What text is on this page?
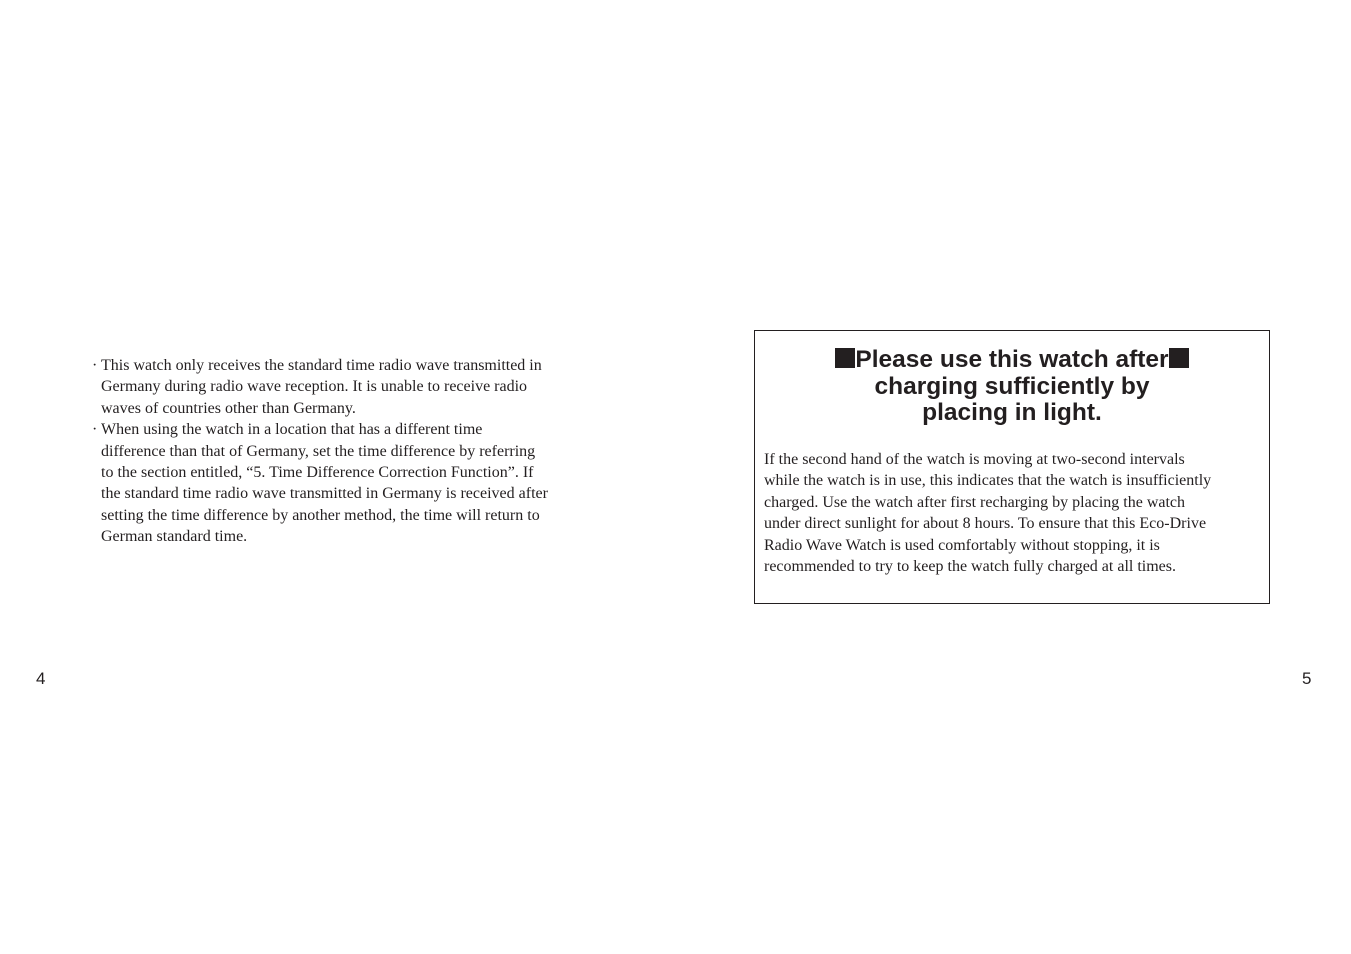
· This watch only receives the standard time radio wave transmitted in
Germany during radio wave reception. It is unable to receive radio
waves of countries other than Germany.
· When using the watch in a location that has a different time
difference than that of Germany, set the time difference by referring
to the section entitled, “5. Time Difference Correction Function”. If
the standard time radio wave transmitted in Germany is received after
setting the time difference by another method, the time will return to
German standard time.
Please use this watch after
charging sufficiently by
placing in light.

If the second hand of the watch is moving at two-second intervals
while the watch is in use, this indicates that the watch is insufficiently
charged. Use the watch after first recharging by placing the watch
under direct sunlight for about 8 hours. To ensure that this Eco-Drive
Radio Wave Watch is used comfortably without stopping, it is
recommended to try to keep the watch fully charged at all times.

4	5
